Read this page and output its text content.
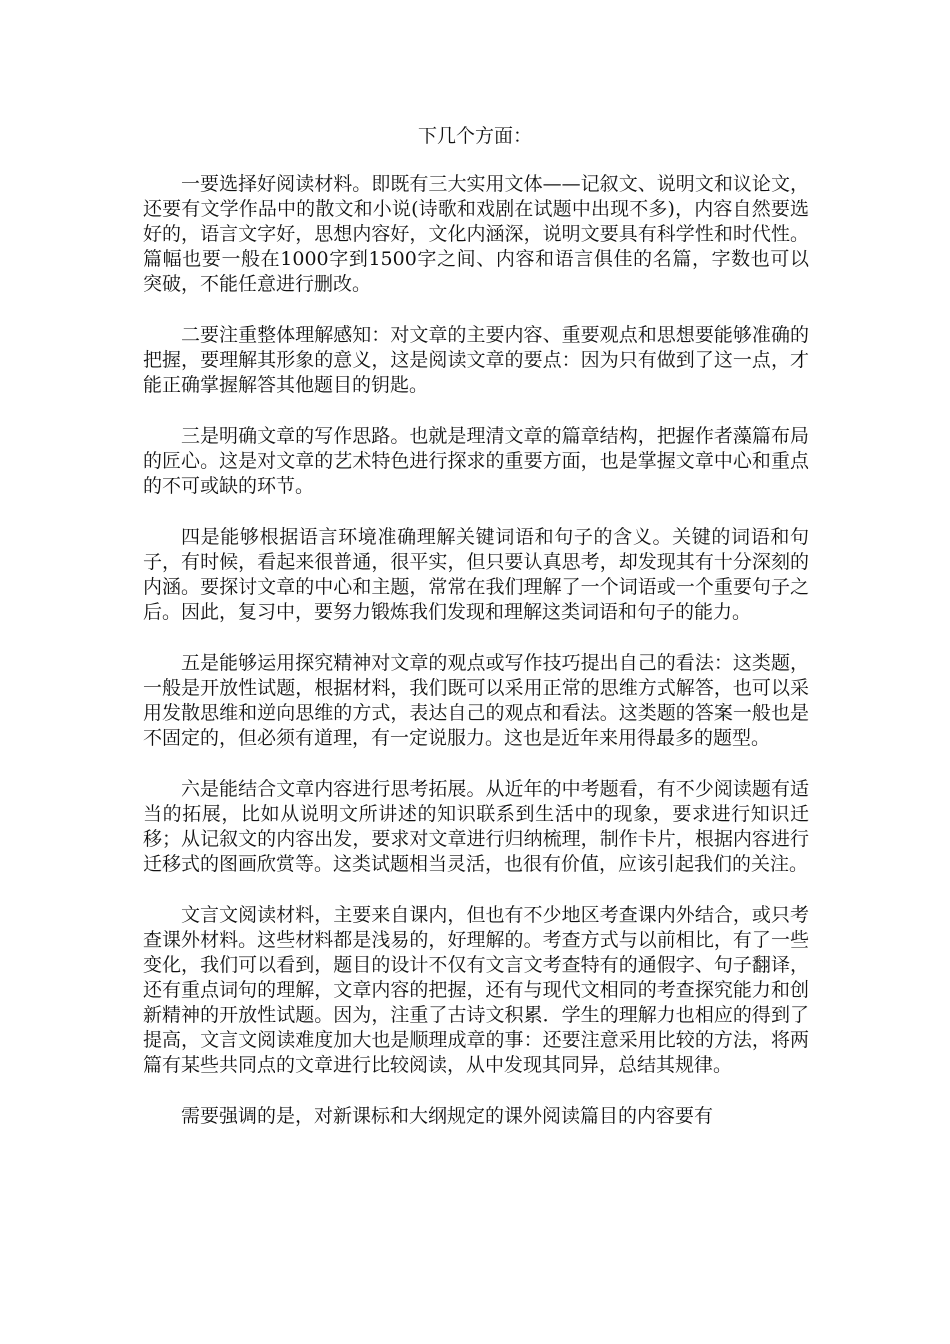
下几个方面：

一要选择好阅读材料。即既有三大实用文体——记叙文、说明文和议论文，还要有文学作品中的散文和小说(诗歌和戏剧在试题中出现不多)，内容自然要选好的，语言文字好，思想内容好，文化内涵深，说明文要具有科学性和时代性。篇幅也要一般在1000字到1500字之间、内容和语言俱佳的名篇，字数也可以突破，不能任意进行删改。

二要注重整体理解感知：对文章的主要内容、重要观点和思想要能够准确的把握，要理解其形象的意义，这是阅读文章的要点：因为只有做到了这一点，才能正确掌握解答其他题目的钥匙。

三是明确文章的写作思路。也就是理清文章的篇章结构，把握作者藻篇布局的匠心。这是对文章的艺术特色进行探求的重要方面，也是掌握文章中心和重点的不可或缺的环节。

四是能够根据语言环境准确理解关键词语和句子的含义。关键的词语和句子，有时候，看起来很普通，很平实，但只要认真思考，却发现其有十分深刻的内涵。要探讨文章的中心和主题，常常在我们理解了一个词语或一个重要句子之后。因此，复习中，要努力锻炼我们发现和理解这类词语和句子的能力。

五是能够运用探究精神对文章的观点或写作技巧提出自己的看法：这类题，一般是开放性试题，根据材料，我们既可以采用正常的思维方式解答，也可以采用发散思维和逆向思维的方式，表达自己的观点和看法。这类题的答案一般也是不固定的，但必须有道理，有一定说服力。这也是近年来用得最多的题型。

六是能结合文章内容进行思考拓展。从近年的中考题看，有不少阅读题有适当的拓展，比如从说明文所讲述的知识联系到生活中的现象，要求进行知识迁移；从记叙文的内容出发，要求对文章进行归纳梳理，制作卡片，根据内容进行迁移式的图画欣赏等。这类试题相当灵活，也很有价值，应该引起我们的关注。

文言文阅读材料，主要来自课内，但也有不少地区考查课内外结合，或只考查课外材料。这些材料都是浅易的，好理解的。考查方式与以前相比，有了一些变化，我们可以看到，题目的设计不仅有文言文考查特有的通假字、句子翻译，还有重点词句的理解，文章内容的把握，还有与现代文相同的考查探究能力和创新精神的开放性试题。因为，注重了古诗文积累．学生的理解力也相应的得到了提高，文言文阅读难度加大也是顺理成章的事：还要注意采用比较的方法，将两篇有某些共同点的文章进行比较阅读，从中发现其同异，总结其规律。

需要强调的是，对新课标和大纲规定的课外阅读篇目的内容要有
